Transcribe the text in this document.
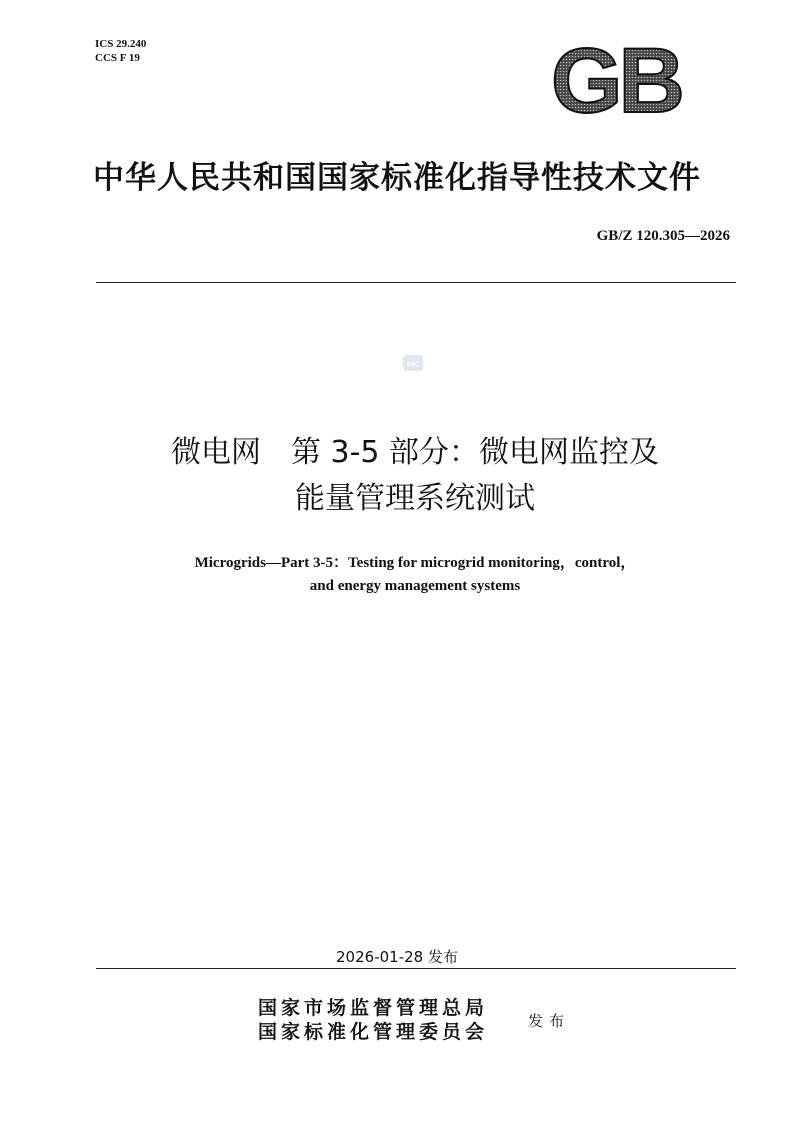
ICS 29.240
CCS F 19	GB
中华人民共和国国家标准化指导性技术文件
GB/Z 120.305—2026
SAC
微电网　第 3-5 部分：微电网监控及
能量管理系统测试
Microgrids—Part 3-5：Testing for microgrid monitoring，control，
and energy management systems
2026-01-28 发布
国家市场监督管理总局
国家标准化管理委员会	发布
